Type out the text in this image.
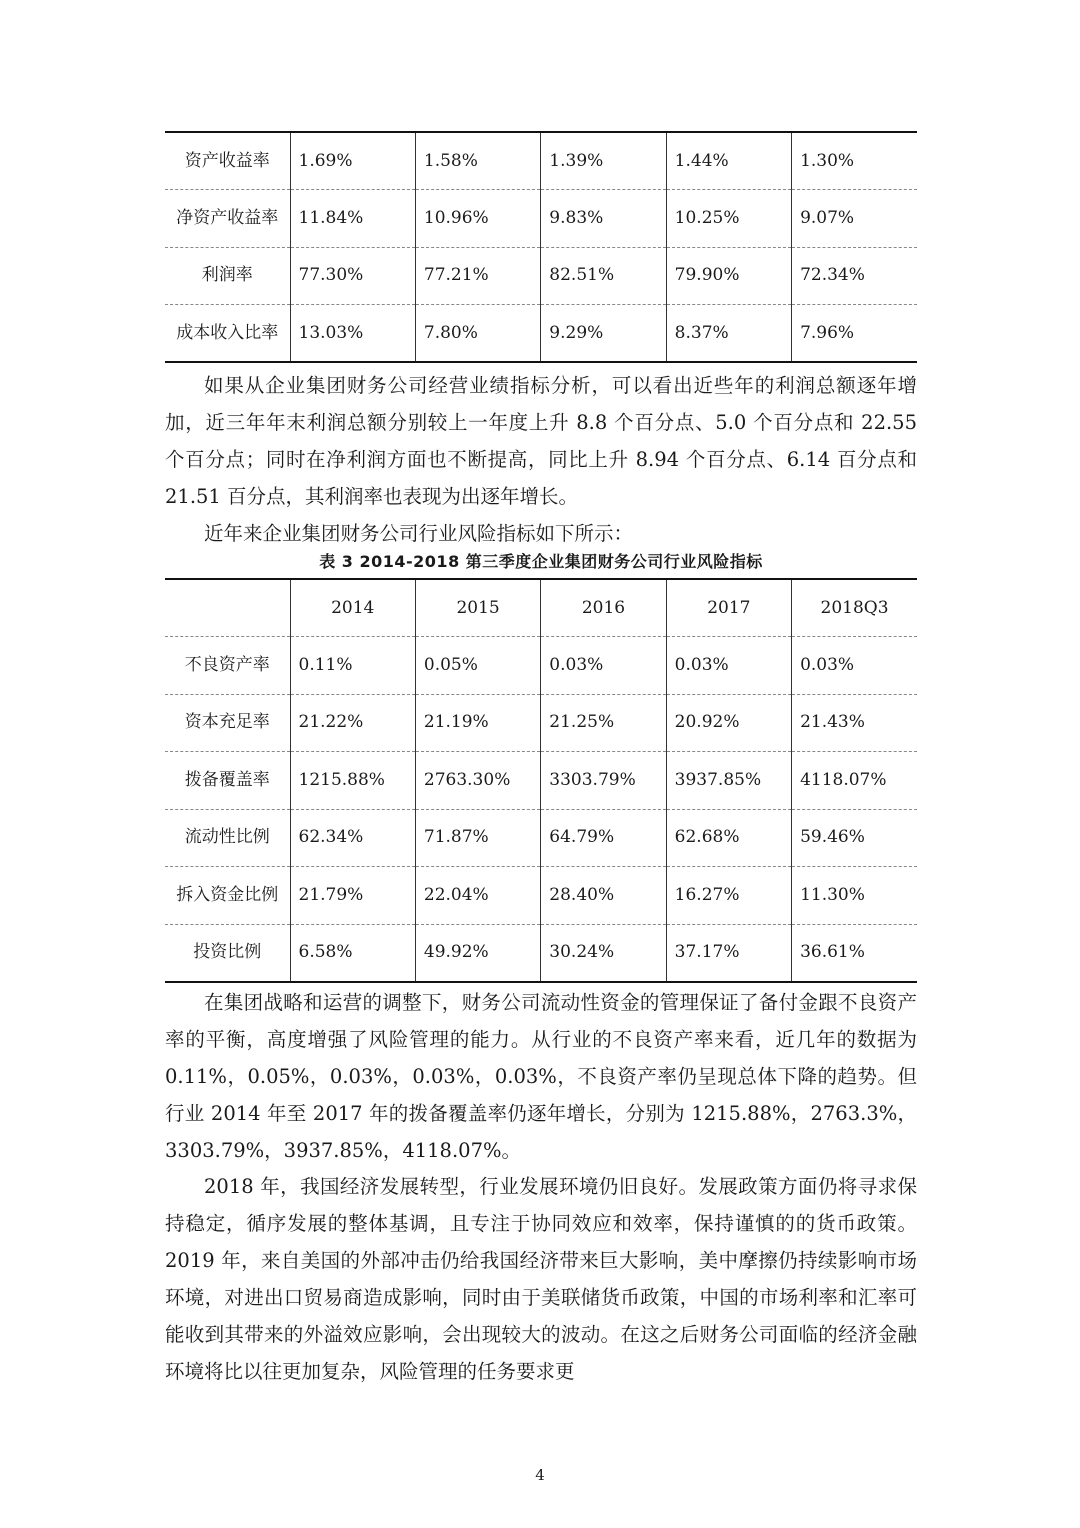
资产收益率	1.69%	1.58%	1.39%	1.44%	1.30%
净资产收益率	11.84%	10.96%	9.83%	10.25%	9.07%
利润率	77.30%	77.21%	82.51%	79.90%	72.34%
成本收入比率	13.03%	7.80%	9.29%	8.37%	7.96%

如果从企业集团财务公司经营业绩指标分析，可以看出近些年的利润总额逐年增加，近三年年末利润总额分别较上一年度上升 8.8 个百分点、5.0 个百分点和 22.55 个百分点；同时在净利润方面也不断提高，同比上升 8.94 个百分点、6.14 百分点和 21.51 百分点，其利润率也表现为出逐年增长。

近年来企业集团财务公司行业风险指标如下所示：

表 3 2014-2018 第三季度企业集团财务公司行业风险指标
	2014	2015	2016	2017	2018Q3
不良资产率	0.11%	0.05%	0.03%	0.03%	0.03%
资本充足率	21.22%	21.19%	21.25%	20.92%	21.43%
拨备覆盖率	1215.88%	2763.30%	3303.79%	3937.85%	4118.07%
流动性比例	62.34%	71.87%	64.79%	62.68%	59.46%
拆入资金比例	21.79%	22.04%	28.40%	16.27%	11.30%
投资比例	6.58%	49.92%	30.24%	37.17%	36.61%

在集团战略和运营的调整下，财务公司流动性资金的管理保证了备付金跟不良资产率的平衡，高度增强了风险管理的能力。从行业的不良资产率来看，近几年的数据为 0.11%，0.05%，0.03%，0.03%，0.03%，不良资产率仍呈现总体下降的趋势。但行业 2014 年至 2017 年的拨备覆盖率仍逐年增长，分别为 1215.88%，2763.3%，3303.79%，3937.85%，4118.07%。

2018 年，我国经济发展转型，行业发展环境仍旧良好。发展政策方面仍将寻求保持稳定，循序发展的整体基调，且专注于协同效应和效率，保持谨慎的的货币政策。2019 年，来自美国的外部冲击仍给我国经济带来巨大影响，美中摩擦仍持续影响市场环境，对进出口贸易商造成影响，同时由于美联储货币政策，中国的市场利率和汇率可能收到其带来的外溢效应影响，会出现较大的波动。在这之后财务公司面临的经济金融环境将比以往更加复杂，风险管理的任务要求更

4
